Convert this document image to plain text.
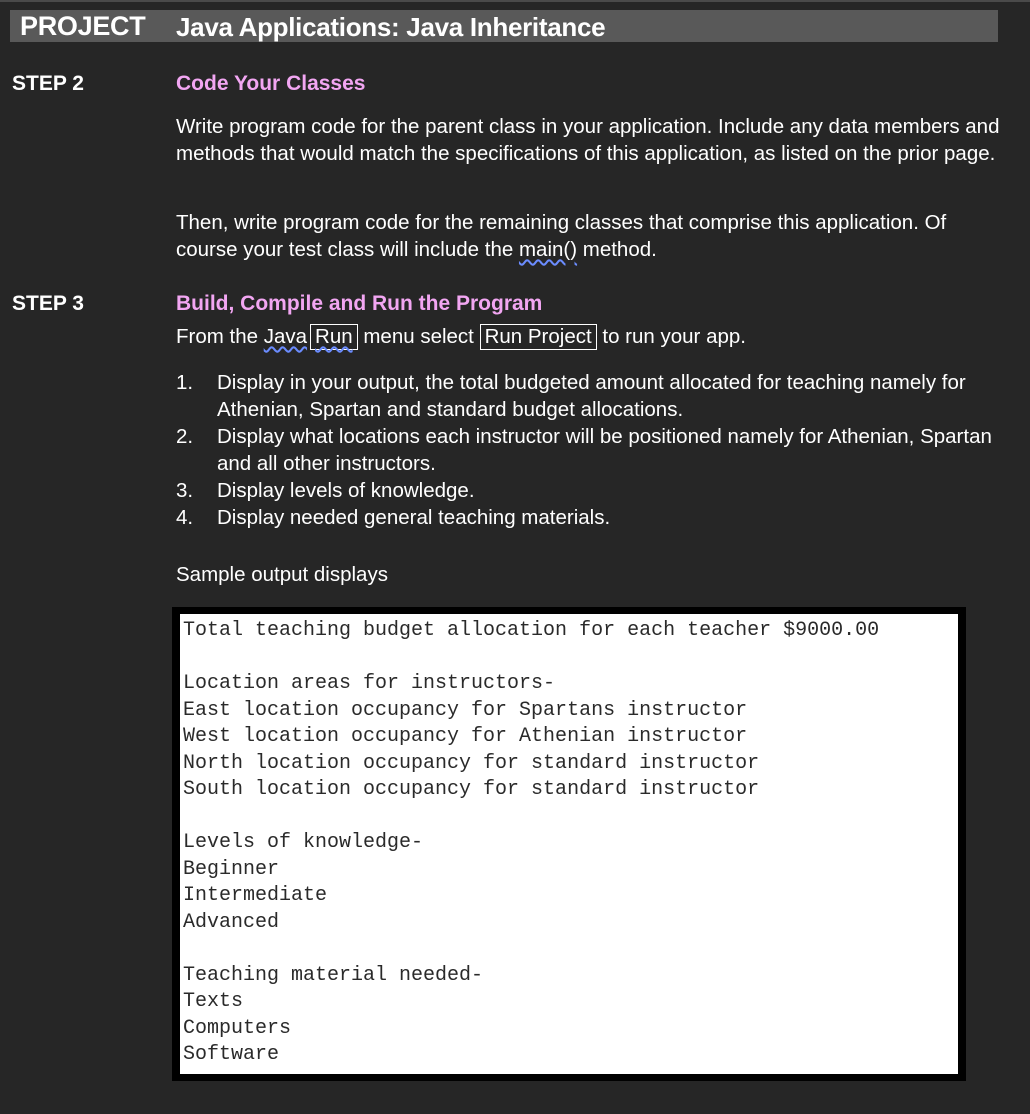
PROJECT Java Applications: Java Inheritance
STEP 2	Code Your Classes

Write program code for the parent class in your application. Include any data members and methods that would match the specifications of this application, as listed on the prior page.

Then, write program code for the remaining classes that comprise this application. Of course your test class will include the main() method.

STEP 3	Build, Compile and Run the Program

From the Java Run menu select Run Project to run your app.

1.	Display in your output, the total budgeted amount allocated for teaching namely for Athenian, Spartan and standard budget allocations.
2.	Display what locations each instructor will be positioned namely for Athenian, Spartan and all other instructors.
3.	Display levels of knowledge.
4.	Display needed general teaching materials.

Sample output displays

Total teaching budget allocation for each teacher $9000.00

Location areas for instructors-
East location occupancy for Spartans instructor
West location occupancy for Athenian instructor
North location occupancy for standard instructor
South location occupancy for standard instructor

Levels of knowledge-
Beginner
Intermediate
Advanced

Teaching material needed-
Texts
Computers
Software
